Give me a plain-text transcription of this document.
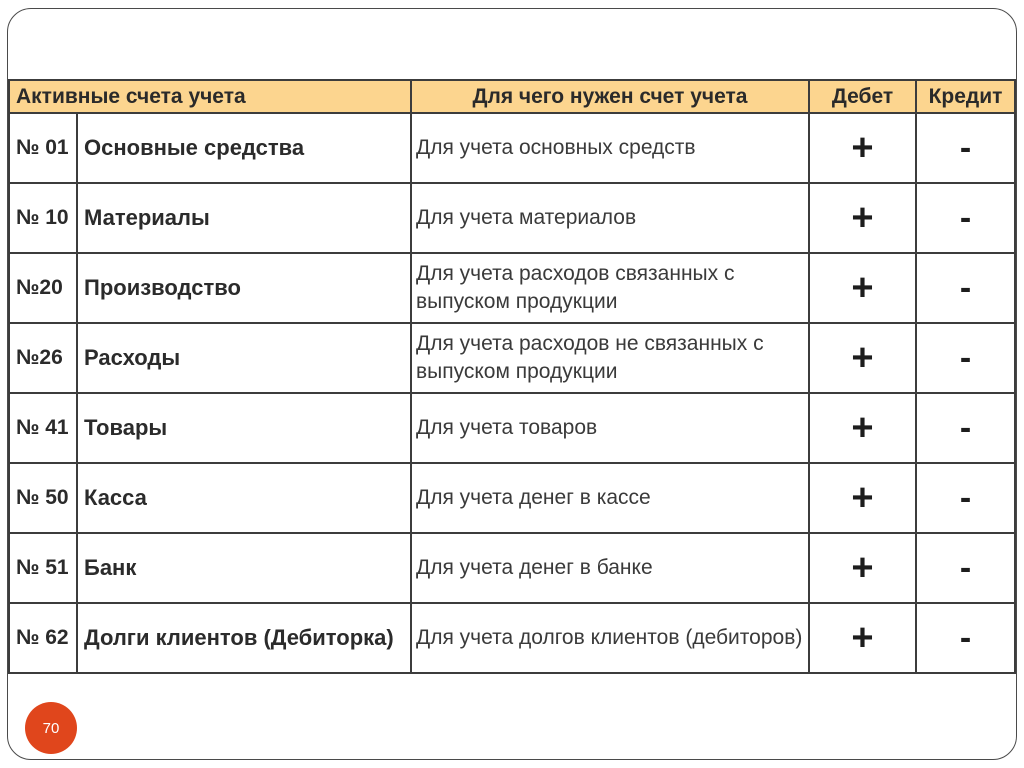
Активные счета учета		Для чего нужен счет учета	Дебет	Кредит
№ 01	Основные средства	Для учета основных средств	+	-
№ 10	Материалы	Для учета материалов	+	-
№20	Производство	Для учета расходов связанных с выпуском продукции	+	-
№26	Расходы	Для учета расходов не связанных с выпуском продукции	+	-
№ 41	Товары	Для учета товаров	+	-
№ 50	Касса	Для учета денег в кассе	+	-
№ 51	Банк	Для учета денег в банке	+	-
№ 62	Долги клиентов (Дебиторка)	Для учета долгов клиентов (дебиторов)	+	-
70
